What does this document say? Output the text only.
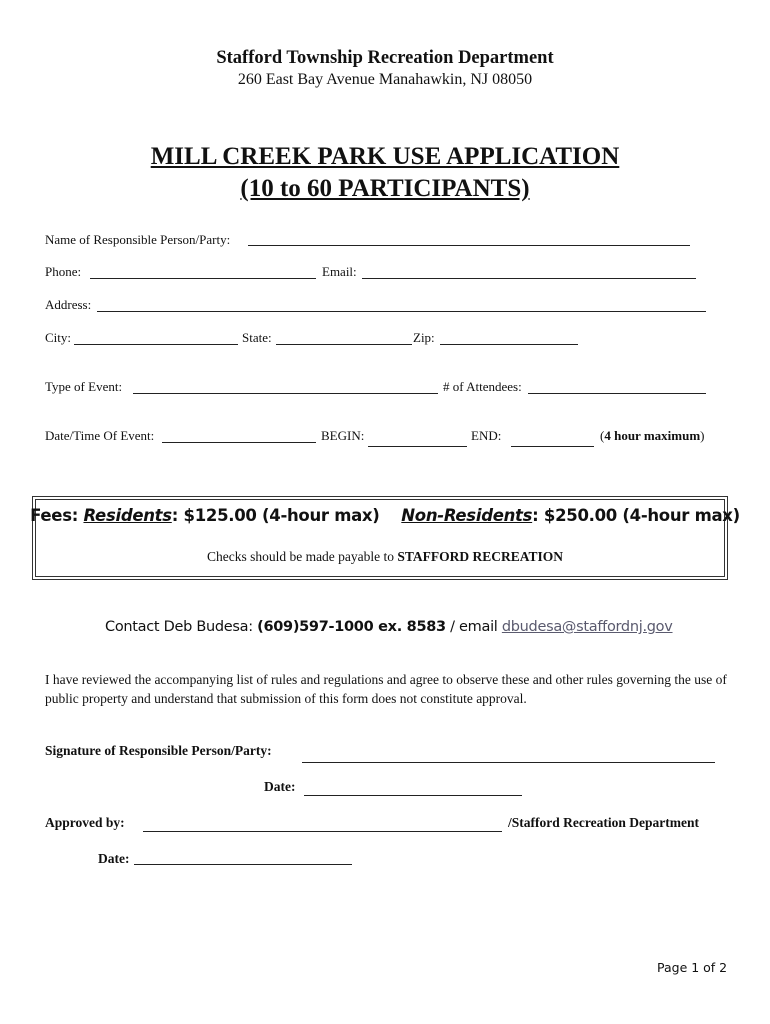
Stafford Township Recreation Department
260 East Bay Avenue Manahawkin, NJ 08050
MILL CREEK PARK USE APPLICATION
(10 to 60 PARTICIPANTS)
Name of Responsible Person/Party:
Phone:	Email:
Address:
City:	State:	Zip:
Type of Event:	# of Attendees:
Date/Time Of Event:	BEGIN:	END:	(4 hour maximum)
Fees: Residents: $125.00 (4-hour max) Non-Residents: $250.00 (4-hour max)
Checks should be made payable to STAFFORD RECREATION
Contact Deb Budesa: (609)597-1000 ex. 8583 / email dbudesa@staffordnj.gov
I have reviewed the accompanying list of rules and regulations and agree to observe these and other rules governing the use of public property and understand that submission of this form does not constitute approval.
Signature of Responsible Person/Party:
Date:
Approved by:	/Stafford Recreation Department
Date:
Page 1 of 2
